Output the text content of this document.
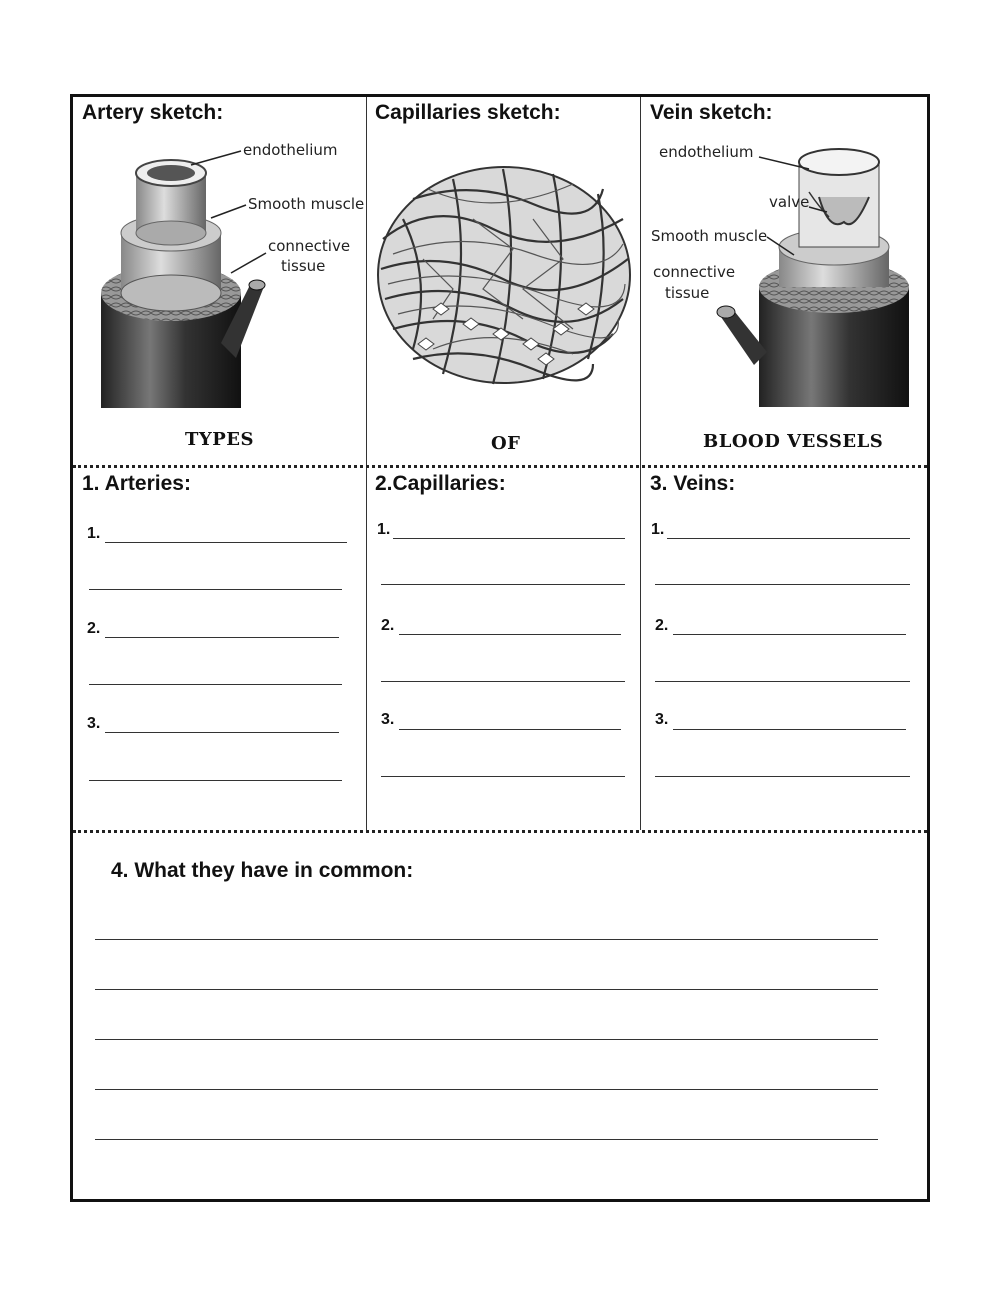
Artery sketch:	Capillaries sketch:	Vein sketch:
endothelium
Smooth muscle
connective
tissue
endothelium
valve
Smooth muscle
connective
tissue
TYPES	OF	BLOOD VESSELS
1. Arteries:	2.Capillaries:	3. Veins:
1.
2.
3.
1.
2.
3.
1.
2.
3.
4. What they have in common:
